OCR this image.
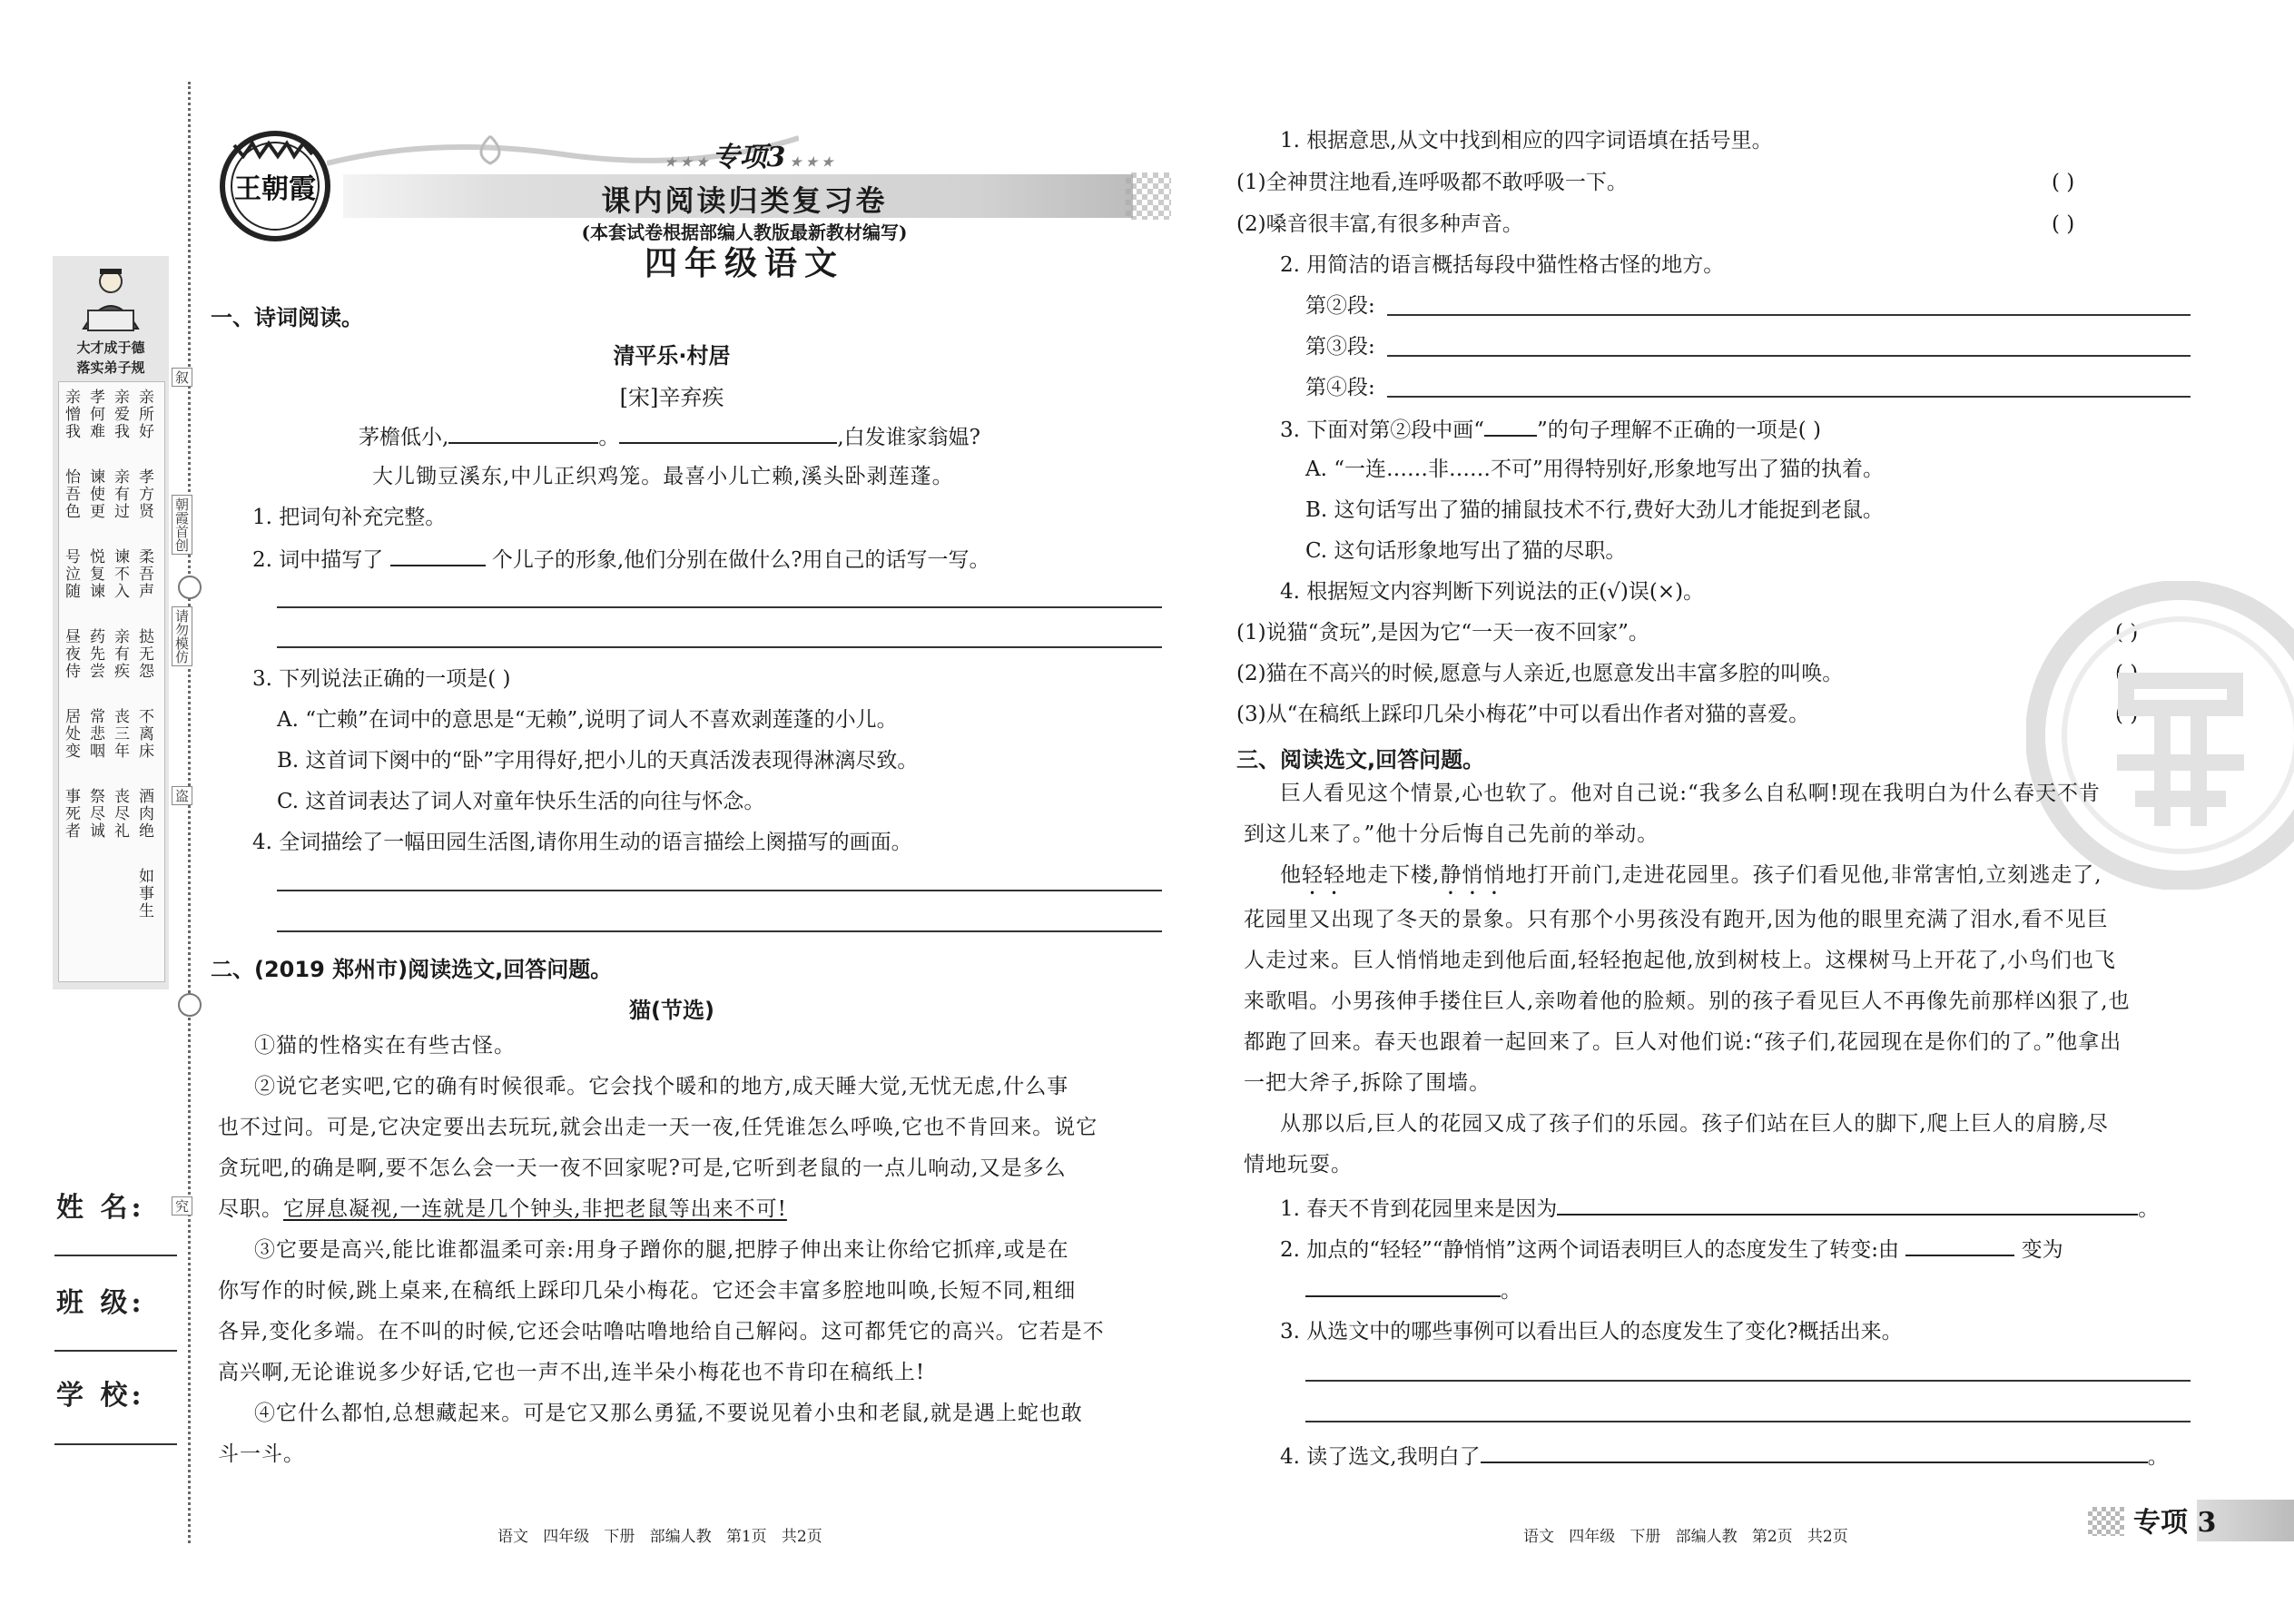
大才成于德
落实弟子规
亲所好
亲爱我
孝何难
亲憎我
孝方贤
亲有过
谏使更
怡吾色
柔吾声
谏不入
悦复谏
号泣随
挞无怨
亲有疾
药先尝
昼夜侍
不离床
丧三年
常悲咽
居处变
酒肉绝
丧尽礼
祭尽诚
事死者
如事生
叙
朝霞首创
请勿模仿
盗
究
姓 名:
班 级:
学 校:
王朝霞
★ ★ ★ 专项3 ★ ★ ★
课内阅读归类复习卷
(本套试卷根据部编人教版最新教材编写)
四年级语文
一、诗词阅读。
清平乐·村居
[宋]辛弃疾
茅檐低小,	。	,白发谁家翁媪?
大儿锄豆溪东,中儿正织鸡笼。最喜小儿亡赖,溪头卧剥莲蓬。
1. 把词句补充完整。
2. 词中描写了	个儿子的形象,他们分别在做什么?用自己的话写一写。
3. 下列说法正确的一项是( )
A. “亡赖”在词中的意思是“无赖”,说明了词人不喜欢剥莲蓬的小儿。
B. 这首词下阕中的“卧”字用得好,把小儿的天真活泼表现得淋漓尽致。
C. 这首词表达了词人对童年快乐生活的向往与怀念。
4. 全词描绘了一幅田园生活图,请你用生动的语言描绘上阕描写的画面。
二、(2019 郑州市)阅读选文,回答问题。
猫(节选)
①猫的性格实在有些古怪。
②说它老实吧,它的确有时候很乖。它会找个暖和的地方,成天睡大觉,无忧无虑,什么事
也不过问。可是,它决定要出去玩玩,就会出走一天一夜,任凭谁怎么呼唤,它也不肯回来。说它
贪玩吧,的确是啊,要不怎么会一天一夜不回家呢?可是,它听到老鼠的一点儿响动,又是多么
尽职。它屏息凝视,一连就是几个钟头,非把老鼠等出来不可!
③它要是高兴,能比谁都温柔可亲:用身子蹭你的腿,把脖子伸出来让你给它抓痒,或是在
你写作的时候,跳上桌来,在稿纸上踩印几朵小梅花。它还会丰富多腔地叫唤,长短不同,粗细
各异,变化多端。在不叫的时候,它还会咕噜咕噜地给自己解闷。这可都凭它的高兴。它若是不
高兴啊,无论谁说多少好话,它也一声不出,连半朵小梅花也不肯印在稿纸上!
④它什么都怕,总想藏起来。可是它又那么勇猛,不要说见着小虫和老鼠,就是遇上蛇也敢
斗一斗。
语文   四年级   下册   部编人教   第1页   共2页
1. 根据意思,从文中找到相应的四字词语填在括号里。
(1)全神贯注地看,连呼吸都不敢呼吸一下。	( )
(2)嗓音很丰富,有很多种声音。	( )
2. 用简洁的语言概括每段中猫性格古怪的地方。
第②段:
第③段:
第④段:
3. 下面对第②段中画“	”的句子理解不正确的一项是( )
A. “一连……非……不可”用得特别好,形象地写出了猫的执着。
B. 这句话写出了猫的捕鼠技术不行,费好大劲儿才能捉到老鼠。
C. 这句话形象地写出了猫的尽职。
4. 根据短文内容判断下列说法的正(√)误(×)。
(1)说猫“贪玩”,是因为它“一天一夜不回家”。	( )
(2)猫在不高兴的时候,愿意与人亲近,也愿意发出丰富多腔的叫唤。	( )
(3)从“在稿纸上踩印几朵小梅花”中可以看出作者对猫的喜爱。	( )
三、阅读选文,回答问题。
巨人看见这个情景,心也软了。他对自己说:“我多么自私啊!现在我明白为什么春天不肯
到这儿来了。”他十分后悔自己先前的举动。
他轻轻地走下楼,静悄悄地打开前门,走进花园里。孩子们看见他,非常害怕,立刻逃走了,
花园里又出现了冬天的景象。只有那个小男孩没有跑开,因为他的眼里充满了泪水,看不见巨
人走过来。巨人悄悄地走到他后面,轻轻抱起他,放到树枝上。这棵树马上开花了,小鸟们也飞
来歌唱。小男孩伸手搂住巨人,亲吻着他的脸颊。别的孩子看见巨人不再像先前那样凶狠了,也
都跑了回来。春天也跟着一起回来了。巨人对他们说:“孩子们,花园现在是你们的了。”他拿出
一把大斧子,拆除了围墙。
从那以后,巨人的花园又成了孩子们的乐园。孩子们站在巨人的脚下,爬上巨人的肩膀,尽
情地玩耍。
1. 春天不肯到花园里来是因为	。
2. 加点的“轻轻”“静悄悄”这两个词语表明巨人的态度发生了转变:由	变为
。
3. 从选文中的哪些事例可以看出巨人的态度发生了变化?概括出来。
4. 读了选文,我明白了	。
语文   四年级   下册   部编人教   第2页   共2页	专项 3
